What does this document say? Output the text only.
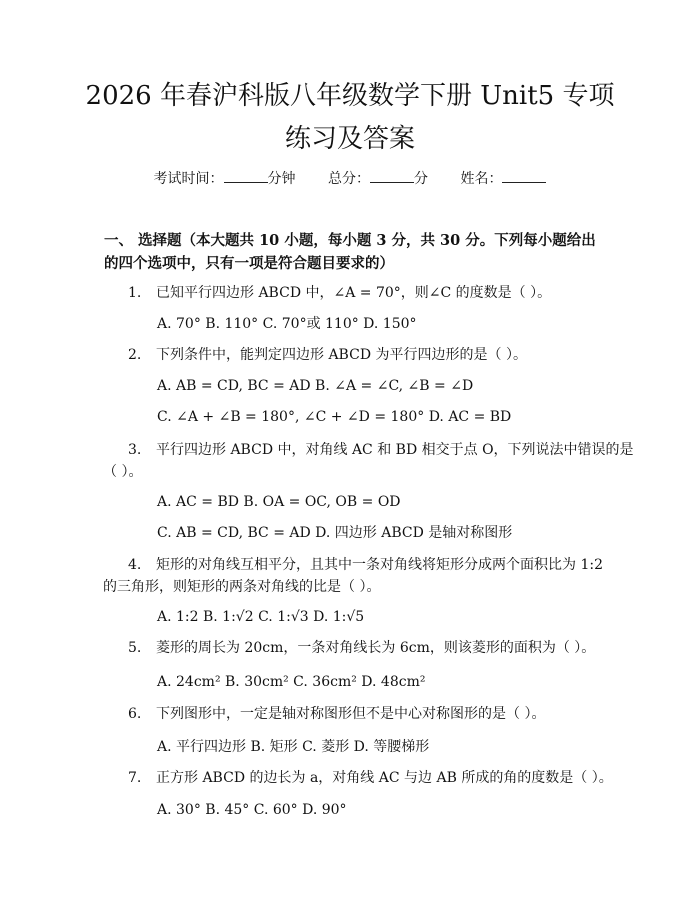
2026 年春沪科版八年级数学下册 Unit5 专项
练习及答案
考试时间：	分钟 总分：	分 姓名：

一、 选择题（本大题共 10 小题，每小题 3 分，共 30 分。下列每小题给出的四个选项中，只有一项是符合题目要求的）

1. 已知平行四边形 ABCD 中，∠A = 70°，则∠C 的度数是（ ）。
A. 70° B. 110° C. 70°或 110° D. 150°
2. 下列条件中，能判定四边形 ABCD 为平行四边形的是（ ）。
A. AB = CD, BC = AD B. ∠A = ∠C, ∠B = ∠D
C. ∠A + ∠B = 180°, ∠C + ∠D = 180° D. AC = BD
3. 平行四边形 ABCD 中，对角线 AC 和 BD 相交于点 O，下列说法中错误的是
（ ）。
A. AC = BD B. OA = OC, OB = OD
C. AB = CD, BC = AD D. 四边形 ABCD 是轴对称图形
4. 矩形的对角线互相平分，且其中一条对角线将矩形分成两个面积比为 1:2
的三角形，则矩形的两条对角线的比是（ ）。
A. 1:2 B. 1:√2 C. 1:√3 D. 1:√5
5. 菱形的周长为 20cm，一条对角线长为 6cm，则该菱形的面积为（ ）。
A. 24cm² B. 30cm² C. 36cm² D. 48cm²
6. 下列图形中，一定是轴对称图形但不是中心对称图形的是（ ）。
A. 平行四边形 B. 矩形 C. 菱形 D. 等腰梯形
7. 正方形 ABCD 的边长为 a，对角线 AC 与边 AB 所成的角的度数是（ ）。
A. 30° B. 45° C. 60° D. 90°
